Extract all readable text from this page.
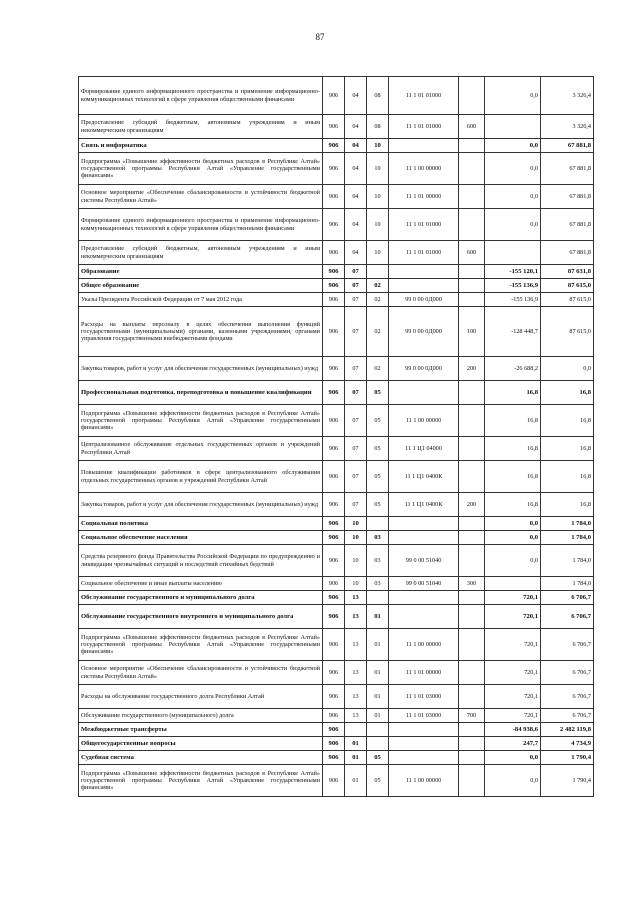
87
Формирование единого информационного пространства и применение информационно-коммуникационных технологий в сфере управления общественными финансами	906	04	08	11 1 01 01000		0,0	3 326,4
Предоставление субсидий бюджетным, автономным учреждениям и иным некоммерческим организациям	906	04	08	11 1 01 01000	600		3 326,4
Связь и информатика	906	04	10			0,0	67 881,8
Подпрограмма «Повышение эффективности бюджетных расходов в Республике Алтай» государственной программы Республики Алтай «Управление государственными финансами»	906	04	10	11 1 00 00000		0,0	67 881,8
Основное мероприятие «Обеспечение сбалансированности и устойчивости бюджетной системы Республики Алтай»	906	04	10	11 1 01 00000		0,0	67 881,8
Формирование единого информационного пространства и применение информационно-коммуникационных технологий в сфере управления общественными финансами	906	04	10	11 1 01 01000		0,0	67 881,8
Предоставление субсидий бюджетным, автономным учреждениям и иным некоммерческим организациям	906	04	10	11 1 01 01000	600		67 881,8
Образование	906	07				-155 120,1	87 631,8
Общее образование	906	07	02			-155 136,9	87 615,0
Указы Президента Российской Федерации от 7 мая 2012 года	906	07	02	99 0 00 0Д000		-155 136,9	87 615,0
Расходы на выплаты персоналу в целях обеспечения выполнения функций государственными (муниципальными) органами, казенными учреждениями, органами управления государственными внебюджетными фондами	906	07	02	99 0 00 0Д000	100	-128 448,7	87 615,0
Закупка товаров, работ и услуг для обеспечения государственных (муниципальных) нужд	906	07	02	99 0 00 0Д000	200	-26 688,2	0,0
Профессиональная подготовка, переподготовка и повышение квалификации	906	07	05			16,8	16,8
Подпрограмма «Повышение эффективности бюджетных расходов в Республике Алтай» государственной программы Республики Алтай «Управление государственными финансами»	906	07	05	11 1 00 00000		16,8	16,8
Централизованное обслуживание отдельных государственных органов и учреждений Республики Алтай	906	07	05	11 1 Ц1 04000		16,8	16,8
Повышение квалификации работников в сфере централизованного обслуживания отдельных государственных органов и учреждений Республики Алтай	906	07	05	11 1 Ц1 0400К		16,8	16,8
Закупка товаров, работ и услуг для обеспечения государственных (муниципальных) нужд	906	07	05	11 1 Ц1 0400К	200	16,8	16,8
Социальная политика	906	10				0,0	1 784,0
Социальное обеспечение населения	906	10	03			0,0	1 784,0
Средства резервного фонда Правительства Российской Федерации по предупреждению и ликвидации чрезвычайных ситуаций и последствий стихийных бедствий	906	10	03	99 0 00 51040		0,0	1 784,0
Социальное обеспечение и иные выплаты населению	906	10	03	99 0 00 51040	300		1 784,0
Обслуживание государственного и муниципального долга	906	13				720,1	6 706,7
Обслуживание государственного внутреннего и муниципального долга	906	13	01			720,1	6 706,7
Подпрограмма «Повышение эффективности бюджетных расходов в Республике Алтай» государственной программы Республики Алтай «Управление государственными финансами»	906	13	01	11 1 00 00000		720,1	6 706,7
Основное мероприятие «Обеспечение сбалансированности и устойчивости бюджетной системы Республики Алтай»	906	13	01	11 1 01 00000		720,1	6 706,7
Расходы на обслуживание государственного долга Республики Алтай	906	13	01	11 1 01 03000		720,1	6 706,7
Обслуживание государственного (муниципального) долга	906	13	01	11 1 01 03000	700	720,1	6 706,7
Межбюджетные трансферты	906					-84 938,6	2 482 119,8
Общегосударственные вопросы	906	01				247,7	4 734,9
Судебная система	906	01	05			0,0	1 790,4
Подпрограмма «Повышение эффективности бюджетных расходов в Республике Алтай» государственной программы Республики Алтай «Управление государственными финансами»	906	01	05	11 1 00 00000		0,0	1 790,4
